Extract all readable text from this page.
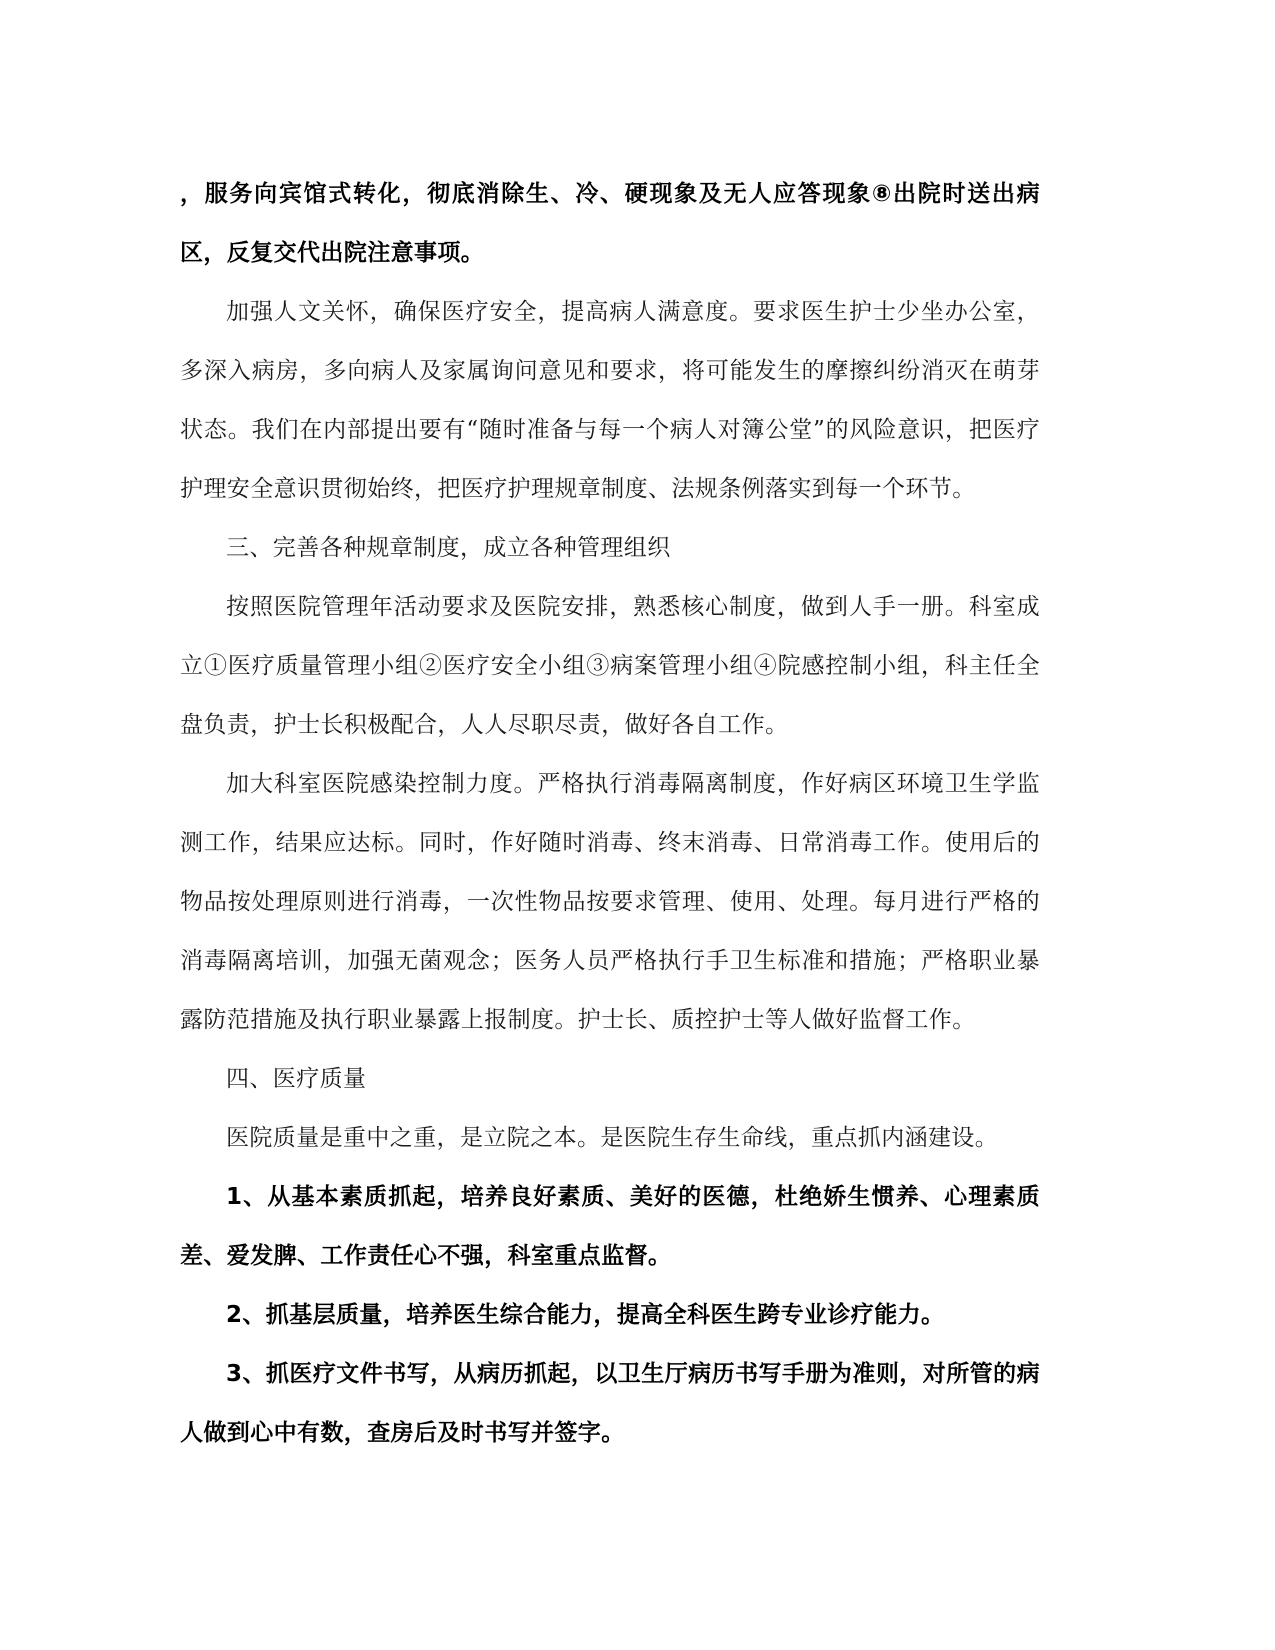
，服务向宾馆式转化，彻底消除生、冷、硬现象及无人应答现象⑧出院时送出病区，反复交代出院注意事项。

加强人文关怀，确保医疗安全，提高病人满意度。要求医生护士少坐办公室，多深入病房，多向病人及家属询问意见和要求，将可能发生的摩擦纠纷消灭在萌芽状态。我们在内部提出要有“随时准备与每一个病人对簿公堂”的风险意识，把医疗护理安全意识贯彻始终，把医疗护理规章制度、法规条例落实到每一个环节。

三、完善各种规章制度，成立各种管理组织

按照医院管理年活动要求及医院安排，熟悉核心制度，做到人手一册。科室成立①医疗质量管理小组②医疗安全小组③病案管理小组④院感控制小组，科主任全盘负责，护士长积极配合，人人尽职尽责，做好各自工作。

加大科室医院感染控制力度。严格执行消毒隔离制度，作好病区环境卫生学监测工作，结果应达标。同时，作好随时消毒、终末消毒、日常消毒工作。使用后的物品按处理原则进行消毒，一次性物品按要求管理、使用、处理。每月进行严格的消毒隔离培训，加强无菌观念；医务人员严格执行手卫生标准和措施；严格职业暴露防范措施及执行职业暴露上报制度。护士长、质控护士等人做好监督工作。

四、医疗质量

医院质量是重中之重，是立院之本。是医院生存生命线，重点抓内涵建设。

1、从基本素质抓起，培养良好素质、美好的医德，杜绝娇生惯养、心理素质差、爱发脾、工作责任心不强，科室重点监督。

2、抓基层质量，培养医生综合能力，提高全科医生跨专业诊疗能力。

3、抓医疗文件书写，从病历抓起，以卫生厅病历书写手册为准则，对所管的病人做到心中有数，查房后及时书写并签字。
